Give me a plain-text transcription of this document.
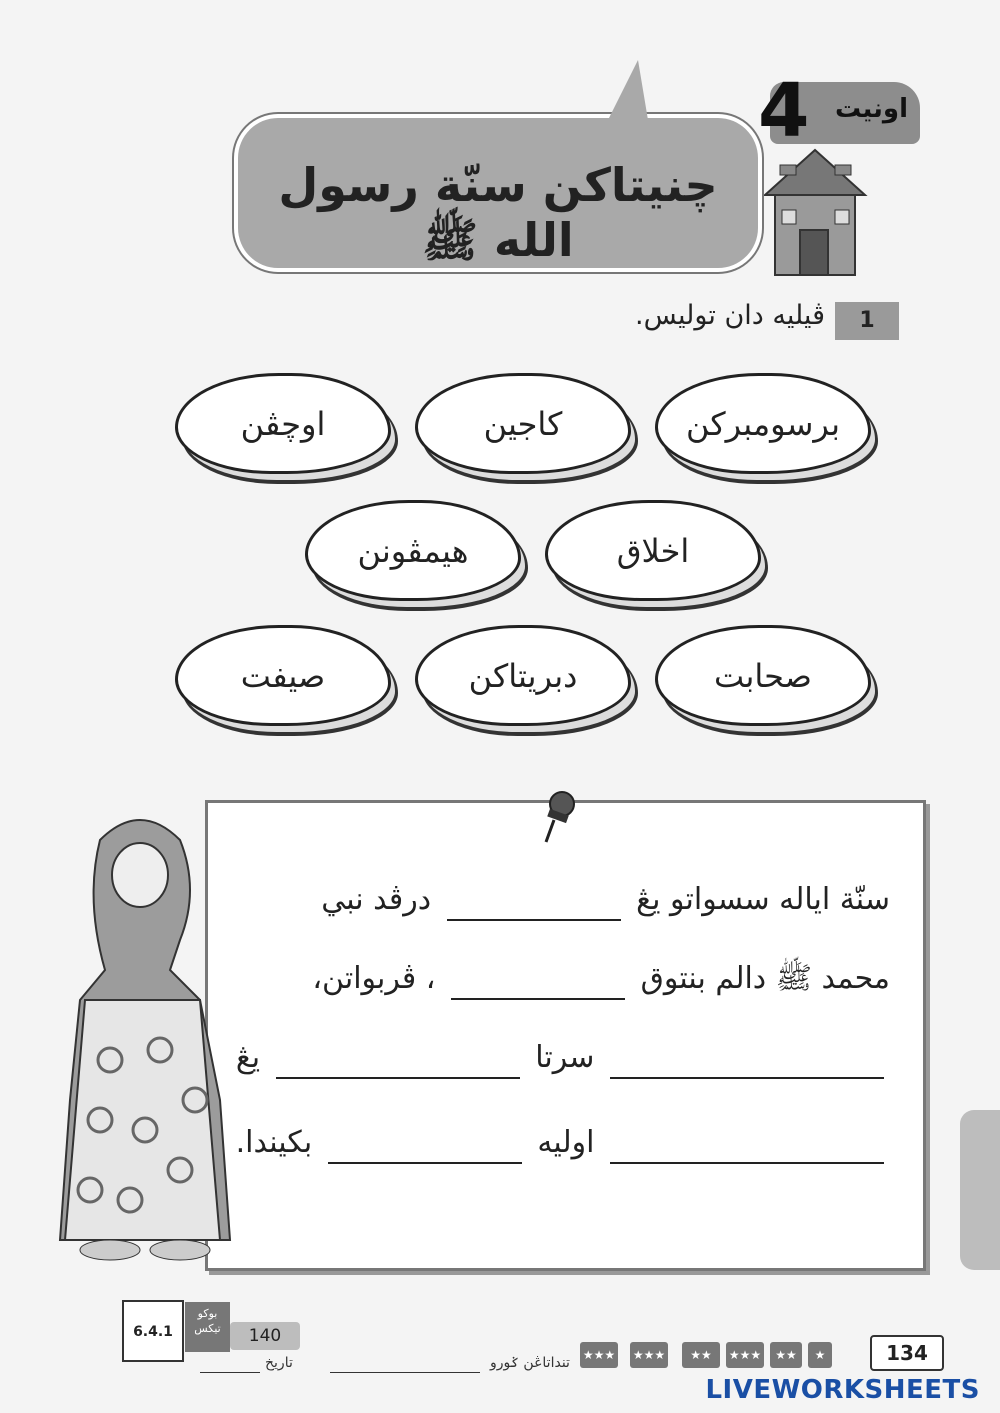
4 اونيت
چنيتاكن سنّة رسول الله ﷺ
1
ڤيليه دان توليس.
برسومبركن
كاجين
اوچڤن
اخلاق
هيمڤونن
صحابت
دبريتاكن
صيفت
سنّة اياله سسواتو يڠ  درڤد نبي
محمد ﷺ دالم بنتوق  ، ڤربواتن،
سرتا  يڠ
اوليه  بكيندا.
6.4.1
بوكو تيكس	140
تاريخ	تنداتاڠن ݢورو ★★★ ★★★	★★	★★★	★★	★	134
LIVEWORKSHEETS
